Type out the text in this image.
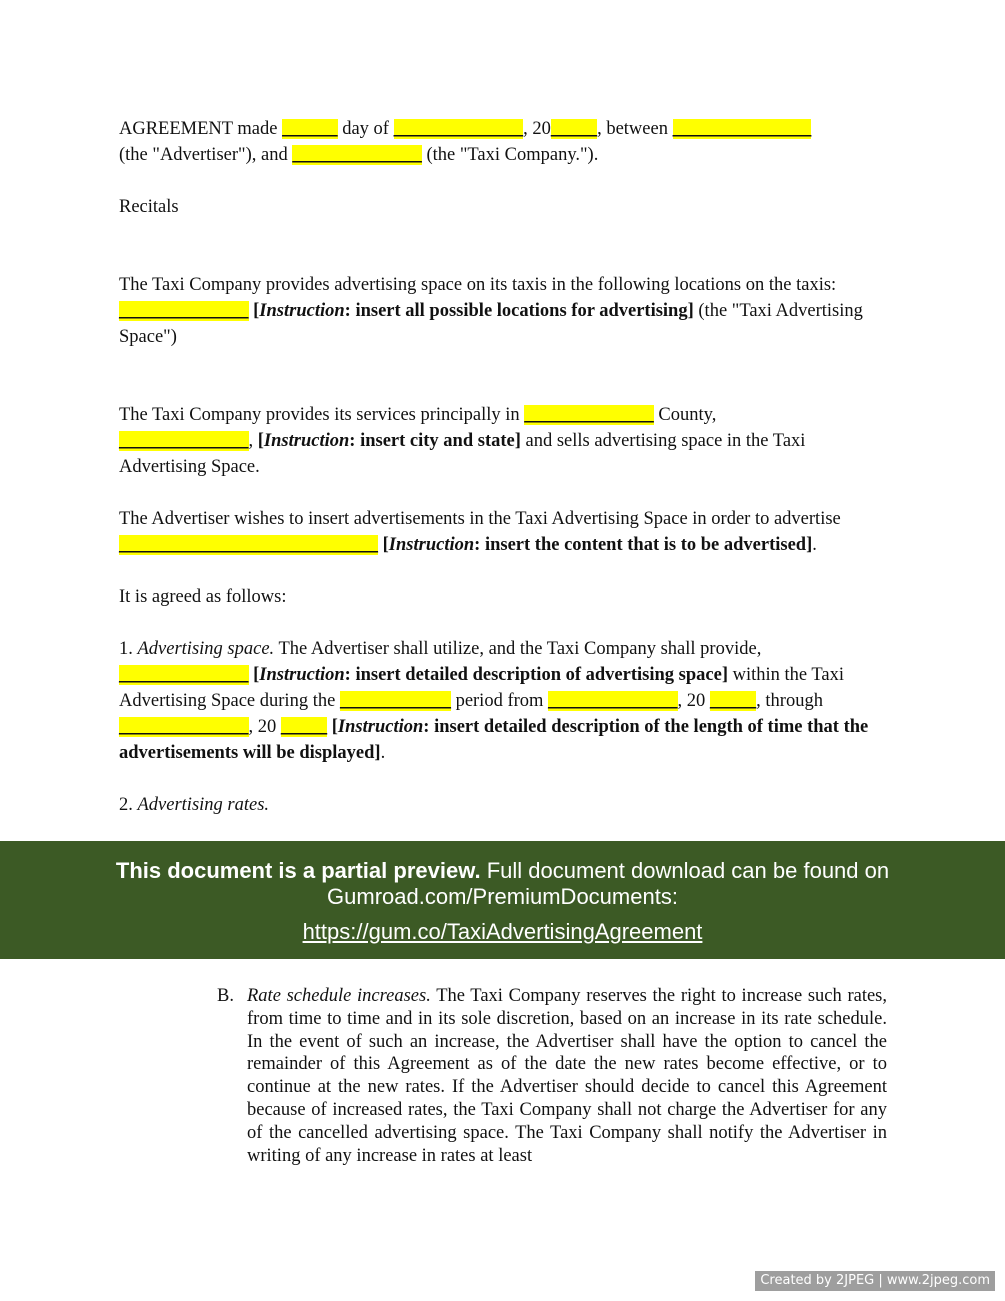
AGREEMENT made ______ day of ______________, 20_____, between _______________
(the "Advertiser"), and ______________ (the "Taxi Company.").

Recitals

The Taxi Company provides advertising space on its taxis in the following locations on the taxis:
______________ [Instruction: insert all possible locations for advertising] (the "Taxi Advertising Space")

The Taxi Company provides its services principally in ______________ County,
______________, [Instruction: insert city and state] and sells advertising space in the Taxi Advertising Space.

The Advertiser wishes to insert advertisements in the Taxi Advertising Space in order to advertise ____________________________ [Instruction: insert the content that is to be advertised].

It is agreed as follows:

1. Advertising space. The Advertiser shall utilize, and the Taxi Company shall provide,
______________ [Instruction: insert detailed description of advertising space] within the Taxi Advertising Space during the ____________ period from ______________, 20 _____, through ______________, 20 _____ [Instruction: insert detailed description of the length of time that the advertisements will be displayed].

2. Advertising rates.

This document is a partial preview. Full document download can be found on Gumroad.com/PremiumDocuments:
https://gum.co/TaxiAdvertisingAgreement
B. Rate schedule increases. The Taxi Company reserves the right to increase such rates, from time to time and in its sole discretion, based on an increase in its rate schedule. In the event of such an increase, the Advertiser shall have the option to cancel the remainder of this Agreement as of the date the new rates become effective, or to continue at the new rates. If the Advertiser should decide to cancel this Agreement because of increased rates, the Taxi Company shall not charge the Advertiser for any of the cancelled advertising space. The Taxi Company shall notify the Advertiser in writing of any increase in rates at least
Created by 2JPEG | www.2jpeg.com
